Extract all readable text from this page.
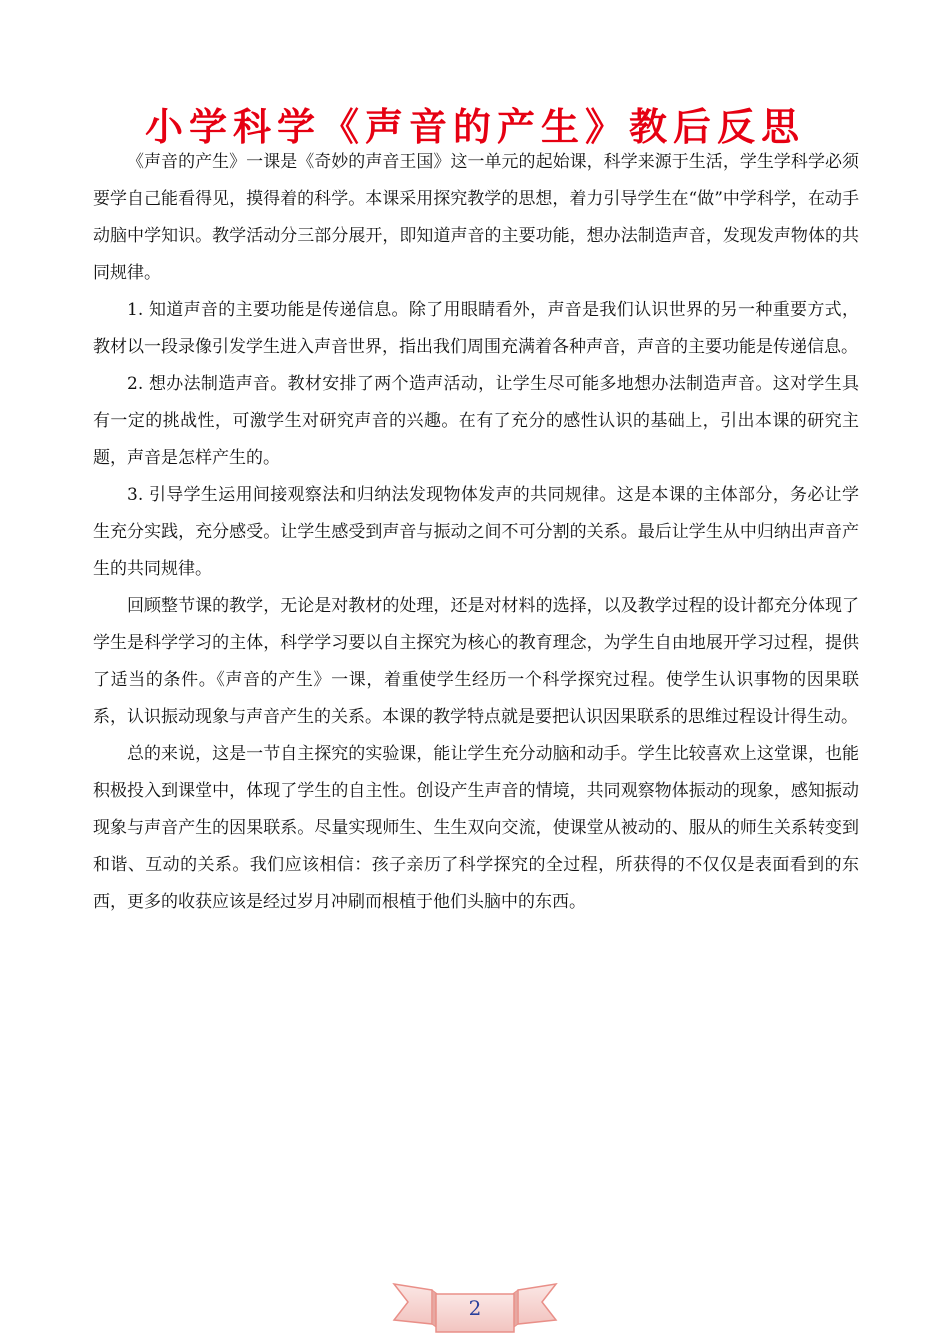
小学科学《声音的产生》教后反思

《声音的产生》一课是《奇妙的声音王国》这一单元的起始课，科学来源于生活，学生学科学必须要学自己能看得见，摸得着的科学。本课采用探究教学的思想，着力引导学生在“做”中学科学，在动手动脑中学知识。教学活动分三部分展开，即知道声音的主要功能，想办法制造声音，发现发声物体的共同规律。

1. 知道声音的主要功能是传递信息。除了用眼睛看外，声音是我们认识世界的另一种重要方式，教材以一段录像引发学生进入声音世界，指出我们周围充满着各种声音，声音的主要功能是传递信息。

2. 想办法制造声音。教材安排了两个造声活动，让学生尽可能多地想办法制造声音。这对学生具有一定的挑战性，可激学生对研究声音的兴趣。在有了充分的感性认识的基础上，引出本课的研究主题，声音是怎样产生的。

3. 引导学生运用间接观察法和归纳法发现物体发声的共同规律。这是本课的主体部分，务必让学生充分实践，充分感受。让学生感受到声音与振动之间不可分割的关系。最后让学生从中归纳出声音产生的共同规律。

回顾整节课的教学，无论是对教材的处理，还是对材料的选择，以及教学过程的设计都充分体现了学生是科学学习的主体，科学学习要以自主探究为核心的教育理念，为学生自由地展开学习过程，提供了适当的条件。《声音的产生》一课，着重使学生经历一个科学探究过程。使学生认识事物的因果联系，认识振动现象与声音产生的关系。本课的教学特点就是要把认识因果联系的思维过程设计得生动。

总的来说，这是一节自主探究的实验课，能让学生充分动脑和动手。学生比较喜欢上这堂课，也能积极投入到课堂中，体现了学生的自主性。创设产生声音的情境，共同观察物体振动的现象，感知振动现象与声音产生的因果联系。尽量实现师生、生生双向交流，使课堂从被动的、服从的师生关系转变到和谐、互动的关系。我们应该相信：孩子亲历了科学探究的全过程，所获得的不仅仅是表面看到的东西，更多的收获应该是经过岁月冲刷而根植于他们头脑中的东西。

2
